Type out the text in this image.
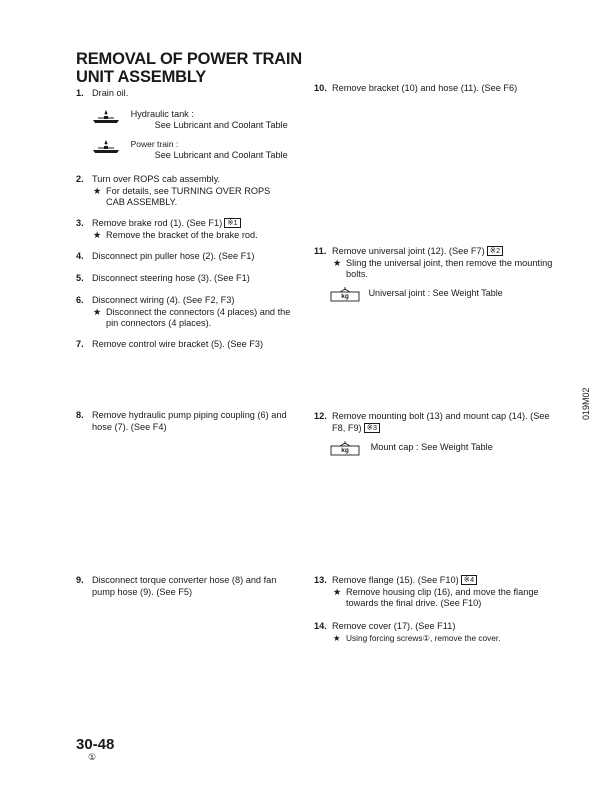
REMOVAL OF POWER TRAIN
UNIT ASSEMBLY
1. Drain oil.

Hydraulic tank :
See Lubricant and Coolant Table

Power train :
See Lubricant and Coolant Table
2. Turn over ROPS cab assembly.
★ For details, see TURNING OVER ROPS CAB ASSEMBLY.
3. Remove brake rod (1). (See F1) ※1
★ Remove the bracket of the brake rod.
4. Disconnect pin puller hose (2). (See F1)
5. Disconnect steering hose (3). (See F1)
6. Disconnect wiring (4). (See F2, F3)
★ Disconnect the connectors (4 places) and the pin connectors (4 places).
7. Remove control wire bracket (5). (See F3)
8. Remove hydraulic pump piping coupling (6) and hose (7). (See F4)
9. Disconnect torque converter hose (8) and fan pump hose (9). (See F5)
10. Remove bracket (10) and hose (11). (See F6)
11. Remove universal joint (12). (See F7) ※2
★ Sling the universal joint, then remove the mounting bolts.
kg	Universal joint : See Weight Table
12. Remove mounting bolt (13) and mount cap (14). (See F8, F9) ※3
kg	Mount cap : See Weight Table
13. Remove flange (15). (See F10) ※4
★ Remove housing clip (16), and move the flange towards the final drive. (See F10)
14. Remove cover (17). (See F11)
★ Using forcing screws①, remove the cover.
019M02
30-48
①
